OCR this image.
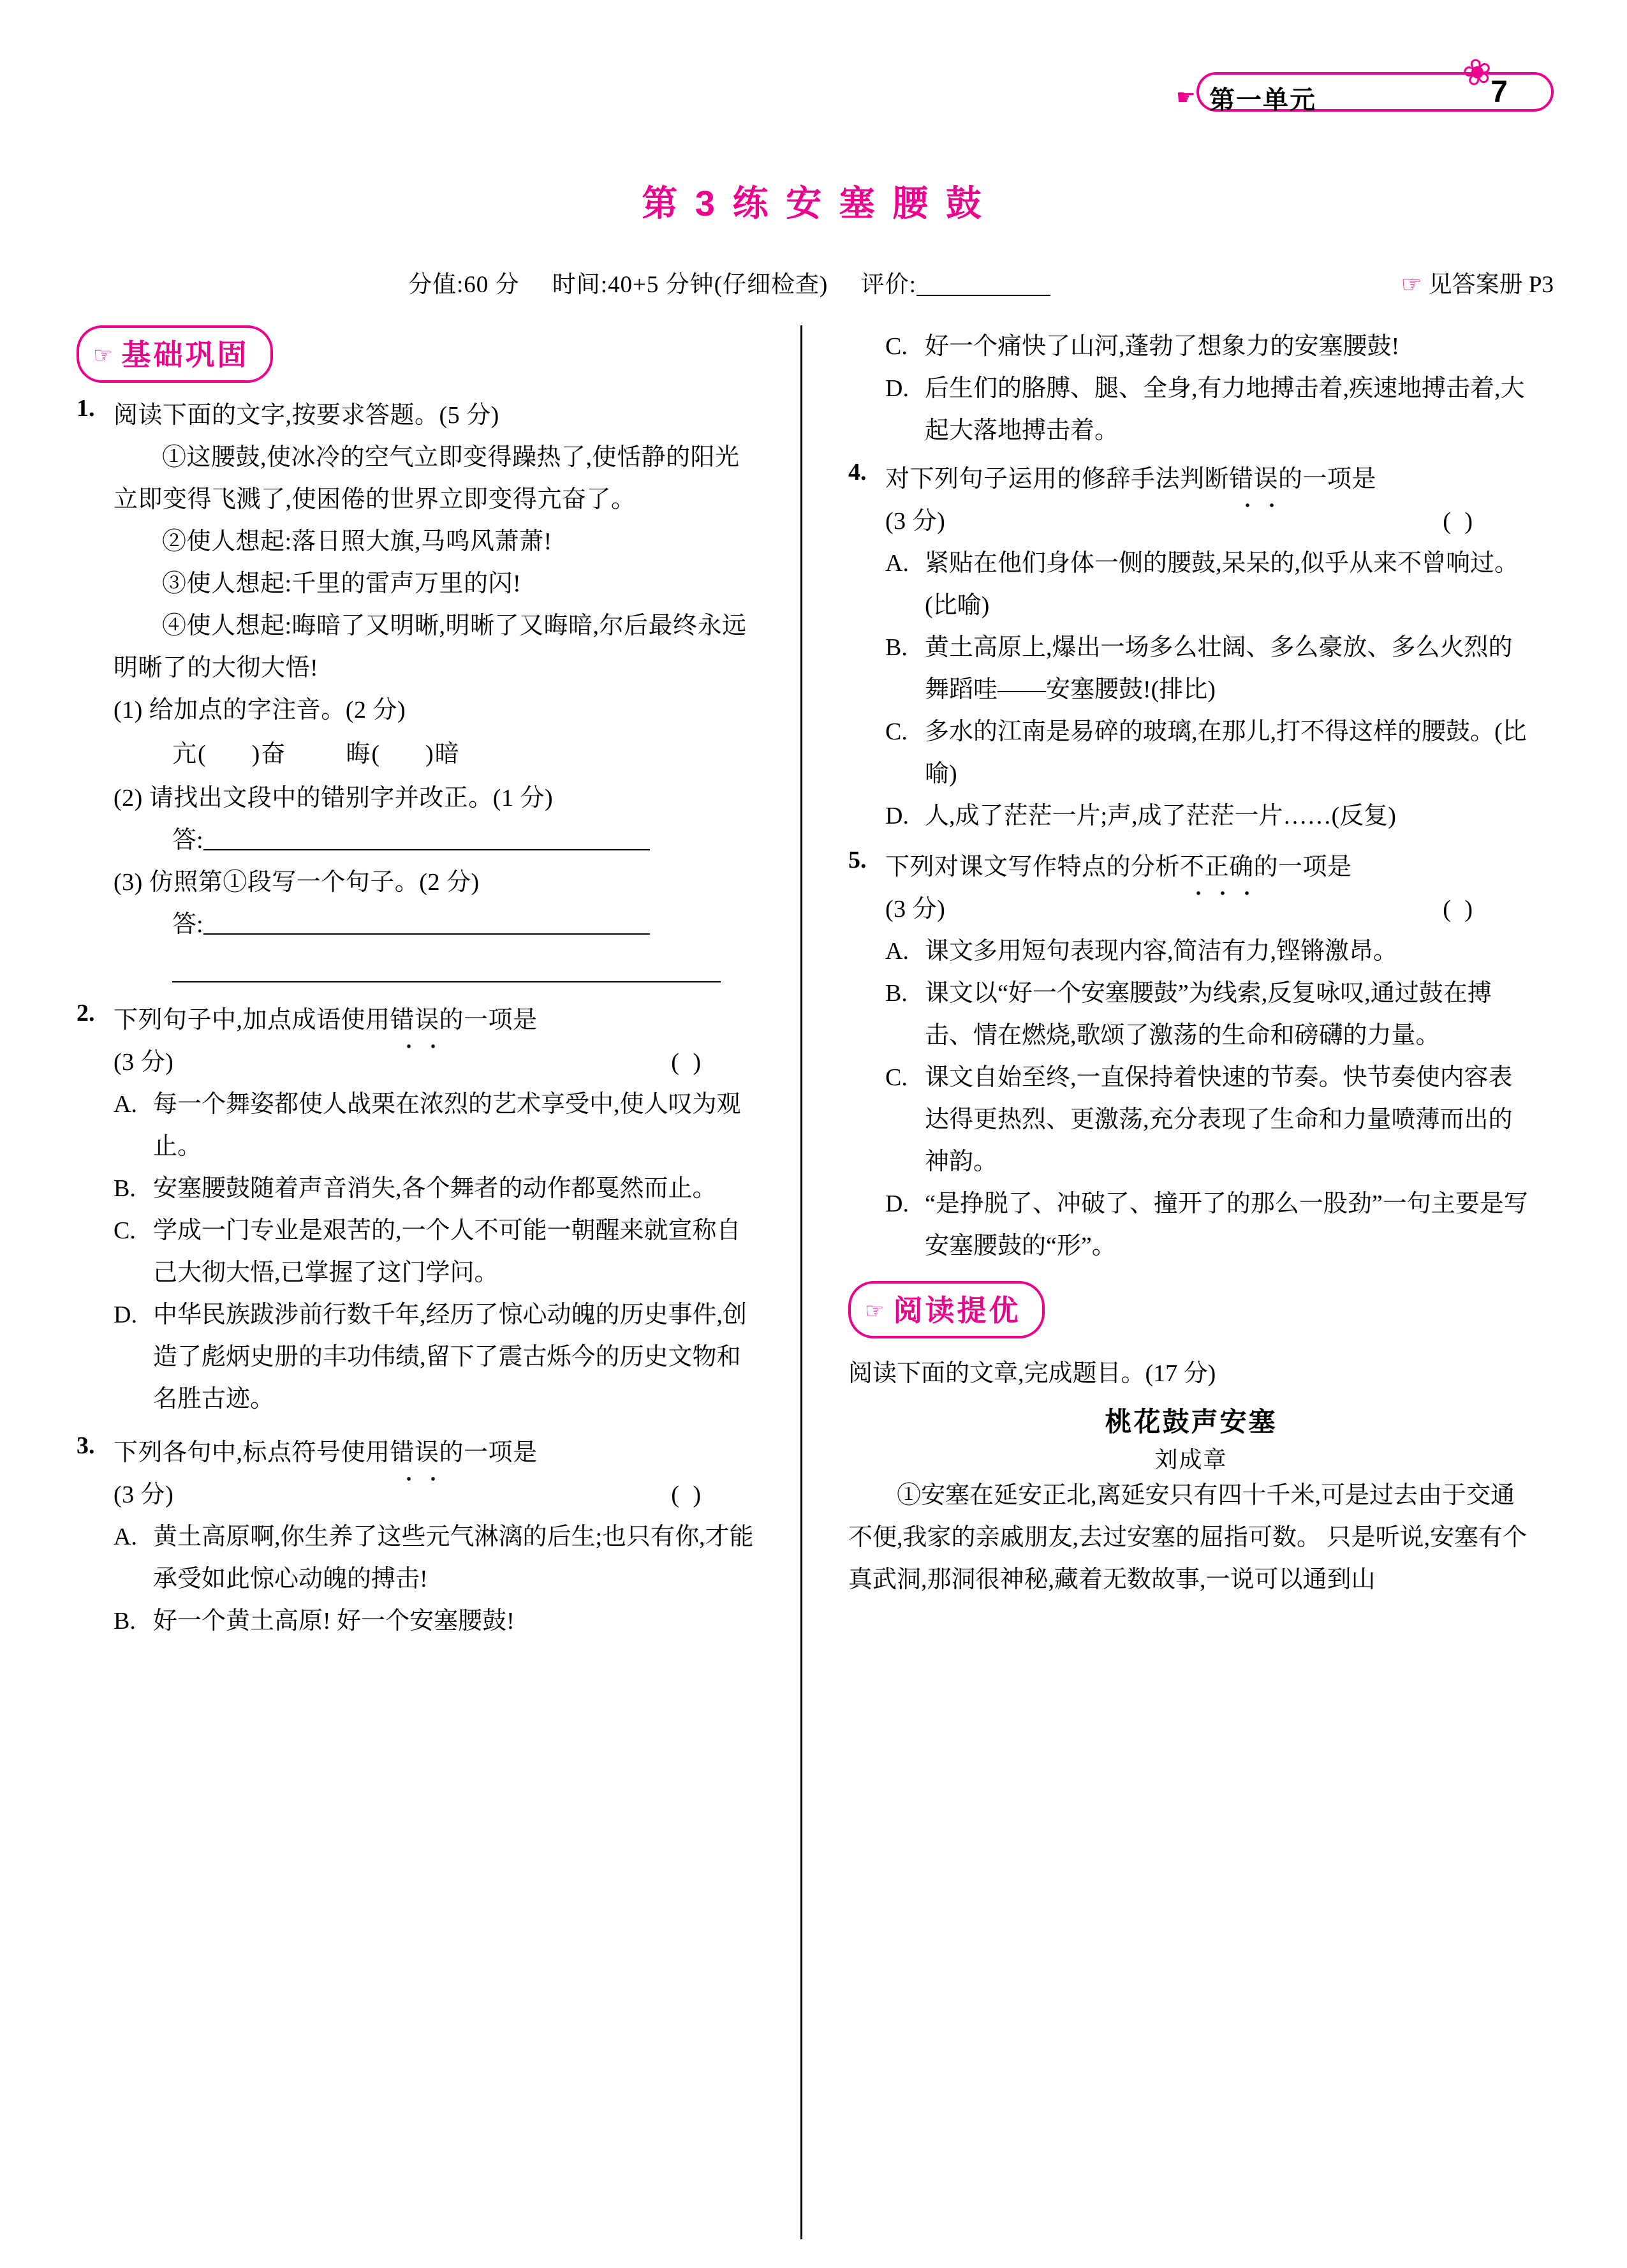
☛ 第一单元
❀
7
第 3 练 安 塞 腰 鼓
分值:60 分 时间:40+5 分钟(仔细检查) 评价:	☞ 见答案册 P3
☞ 基础巩固
1. 阅读下面的文字,按要求答题。(5 分)
①这腰鼓,使冰冷的空气立即变得躁热了,使恬静的阳光立即变得飞溅了,使困倦的世界立即变得亢奋了。
②使人想起:落日照大旗,马鸣风萧萧!
③使人想起:千里的雷声万里的闪!
④使人想起:晦暗了又明晰,明晰了又晦暗,尔后最终永远明晰了的大彻大悟!
(1) 给加点的字注音。(2 分)
亢( )奋 晦( )暗
(2) 请找出文段中的错别字并改正。(1 分)
答:
(3) 仿照第①段写一个句子。(2 分)
答:
2. 下列句子中,加点成语使用错误的一项是
(3 分)	( )
A. 每一个舞姿都使人战栗在浓烈的艺术享受中,使人叹为观止。
B. 安塞腰鼓随着声音消失,各个舞者的动作都戛然而止。
C. 学成一门专业是艰苦的,一个人不可能一朝醒来就宣称自己大彻大悟,已掌握了这门学问。
D. 中华民族跋涉前行数千年,经历了惊心动魄的历史事件,创造了彪炳史册的丰功伟绩,留下了震古烁今的历史文物和名胜古迹。
3. 下列各句中,标点符号使用错误的一项是
(3 分)	( )
A. 黄土高原啊,你生养了这些元气淋漓的后生;也只有你,才能承受如此惊心动魄的搏击!
B. 好一个黄土高原! 好一个安塞腰鼓!
C. 好一个痛快了山河,蓬勃了想象力的安塞腰鼓!
D. 后生们的胳膊、腿、全身,有力地搏击着,疾速地搏击着,大起大落地搏击着。
4. 对下列句子运用的修辞手法判断错误的一项是
(3 分)	( )
A. 紧贴在他们身体一侧的腰鼓,呆呆的,似乎从来不曾响过。(比喻)
B. 黄土高原上,爆出一场多么壮阔、多么豪放、多么火烈的舞蹈哇——安塞腰鼓!(排比)
C. 多水的江南是易碎的玻璃,在那儿,打不得这样的腰鼓。(比喻)
D. 人,成了茫茫一片;声,成了茫茫一片……(反复)
5. 下列对课文写作特点的分析不正确的一项是
(3 分)	( )
A. 课文多用短句表现内容,简洁有力,铿锵激昂。
B. 课文以“好一个安塞腰鼓”为线索,反复咏叹,通过鼓在搏击、情在燃烧,歌颂了激荡的生命和磅礴的力量。
C. 课文自始至终,一直保持着快速的节奏。快节奏使内容表达得更热烈、更激荡,充分表现了生命和力量喷薄而出的神韵。
D. “是挣脱了、冲破了、撞开了的那么一股劲”一句主要是写安塞腰鼓的“形”。
☞ 阅读提优
阅读下面的文章,完成题目。(17 分)
桃花鼓声安塞
刘成章
①安塞在延安正北,离延安只有四十千米,可是过去由于交通不便,我家的亲戚朋友,去过安塞的屈指可数。 只是听说,安塞有个真武洞,那洞很神秘,藏着无数故事,一说可以通到山
